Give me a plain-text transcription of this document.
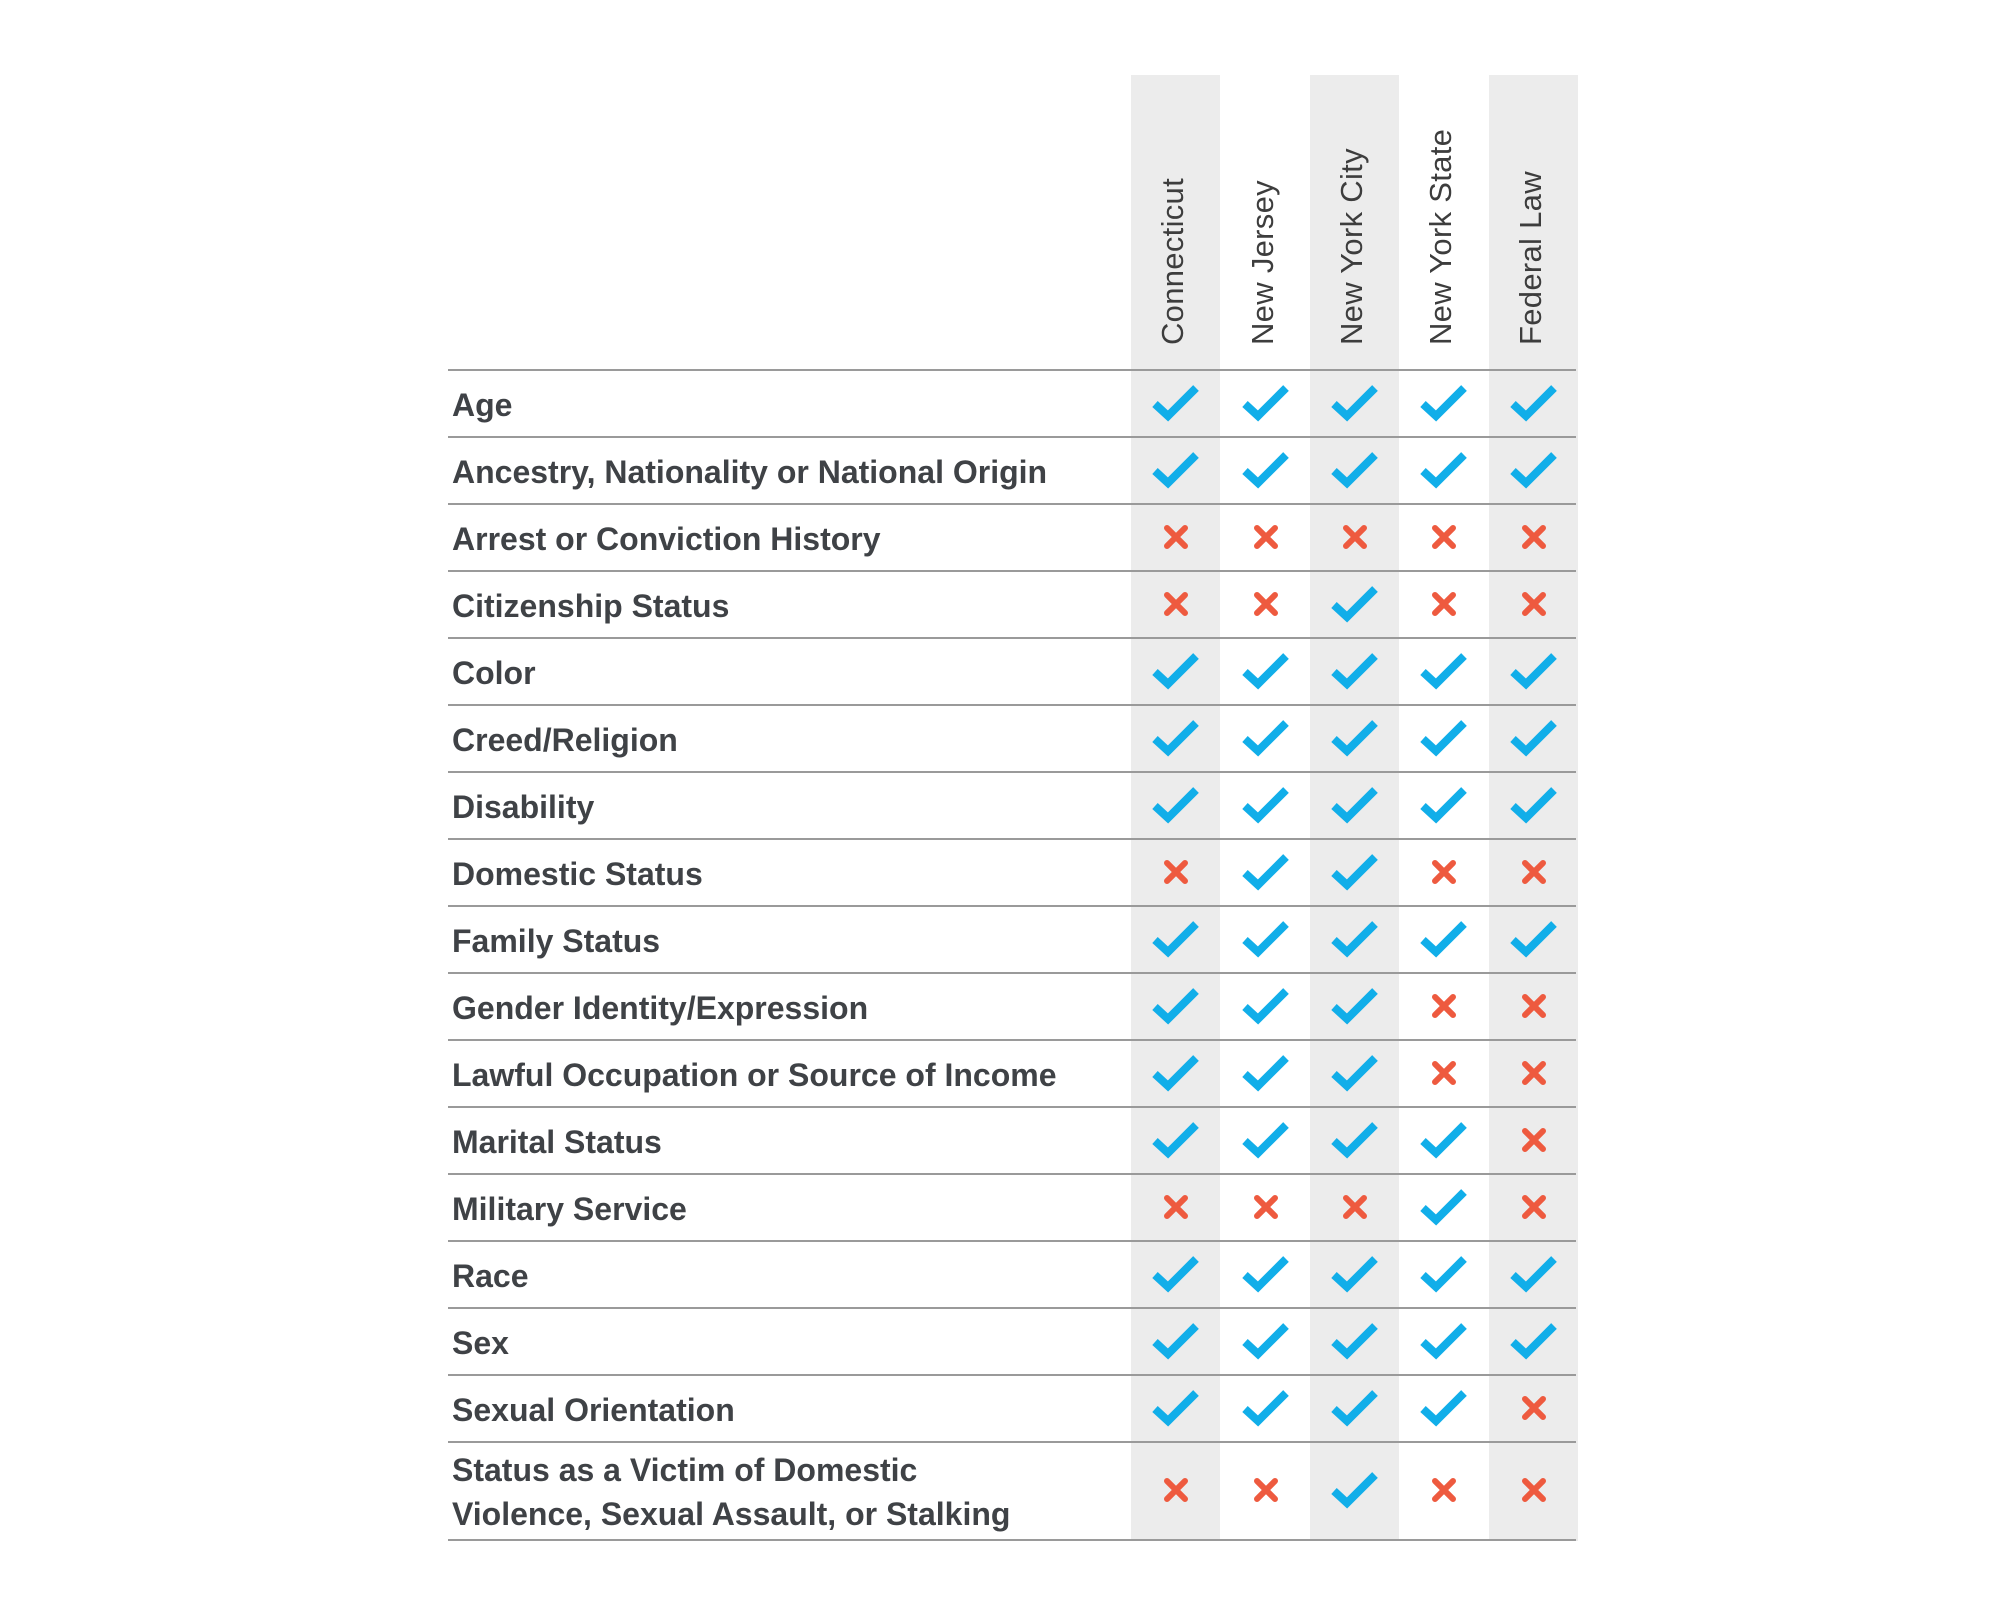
Connecticut New Jersey New York City New York State Federal Law
Age
Ancestry, Nationality or National Origin
Arrest or Conviction History
Citizenship Status
Color
Creed/Religion
Disability
Domestic Status
Family Status
Gender Identity/Expression
Lawful Occupation or Source of Income
Marital Status
Military Service
Race
Sex
Sexual Orientation
Status as a Victim of Domestic
Violence, Sexual Assault, or Stalking
